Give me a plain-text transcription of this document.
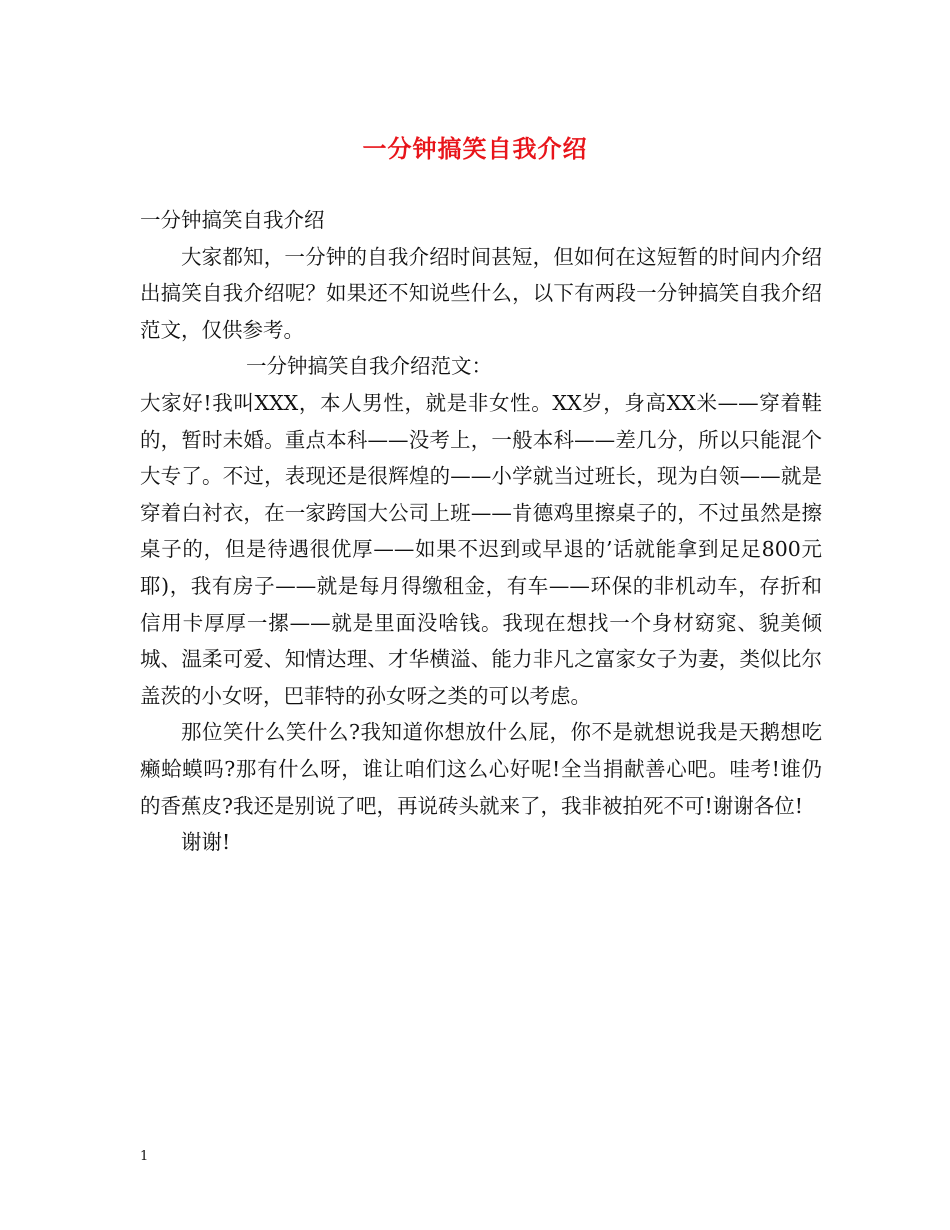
一分钟搞笑自我介绍

一分钟搞笑自我介绍

大家都知，一分钟的自我介绍时间甚短，但如何在这短暂的时间内介绍出搞笑自我介绍呢？如果还不知说些什么，以下有两段一分钟搞笑自我介绍范文，仅供参考。

一分钟搞笑自我介绍范文：

大家好!我叫XXX，本人男性，就是非女性。XX岁，身高XX米——穿着鞋的，暂时未婚。重点本科——没考上，一般本科——差几分，所以只能混个大专了。不过，表现还是很辉煌的——小学就当过班长，现为白领——就是穿着白衬衣，在一家跨国大公司上班——肯德鸡里擦桌子的，不过虽然是擦桌子的，但是待遇很优厚——如果不迟到或早退的’话就能拿到足足800元耶)，我有房子——就是每月得缴租金，有车——环保的非机动车，存折和信用卡厚厚一摞——就是里面没啥钱。我现在想找一个身材窈窕、貌美倾城、温柔可爱、知情达理、才华横溢、能力非凡之富家女子为妻，类似比尔盖茨的小女呀，巴菲特的孙女呀之类的可以考虑。

那位笑什么笑什么?我知道你想放什么屁，你不是就想说我是天鹅想吃癞蛤蟆吗?那有什么呀，谁让咱们这么心好呢!全当捐献善心吧。哇考!谁仍的香蕉皮?我还是别说了吧，再说砖头就来了，我非被拍死不可!谢谢各位!

谢谢!

1
